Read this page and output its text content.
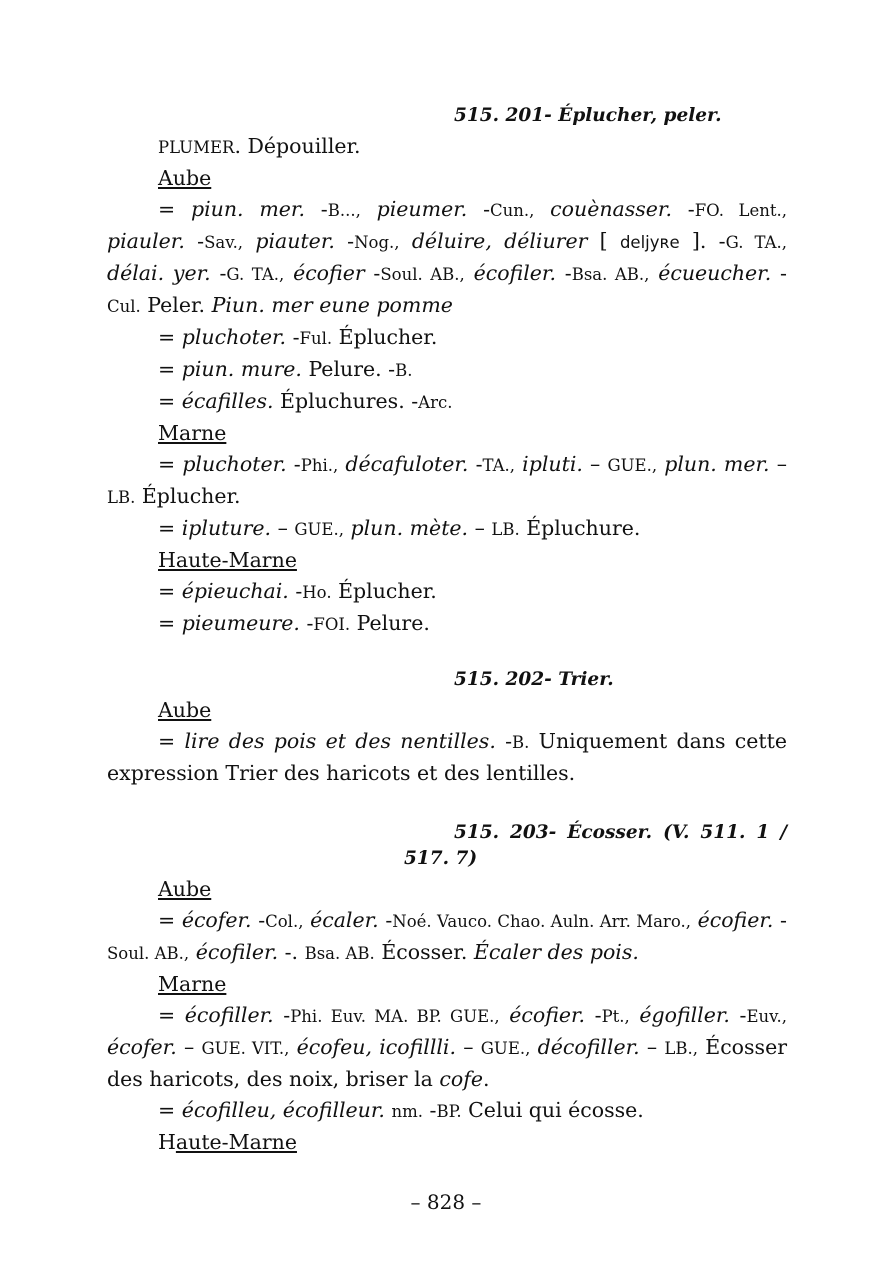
515. 201- Éplucher, peler.

PLUMER. Dépouiller.

Aube

= piun. mer. -B..., pieumer. -Cun., couènasser. -FO. Lent., piauler. -Sav., piauter. -Nog., déluire, déliurer [ deljyʀe ]. -G. TA., délai. yer. -G. TA., écofier -Soul. AB., écofiler. -Bsa. AB., écueucher. -Cul. Peler. Piun. mer eune pomme

= pluchoter. -Ful. Éplucher.

= piun. mure. Pelure. -B.

= écafilles. Épluchures. -Arc.

Marne

= pluchoter. -Phi., décafuloter. -TA., ipluti. – GUE., plun. mer. – LB. Éplucher.

= ipluture. – GUE., plun. mète. – LB. Épluchure.

Haute-Marne

= épieuchai. -Ho. Éplucher.

= pieumeure. -FOI. Pelure.

515. 202- Trier.

Aube

= lire des pois et des nentilles. -B. Uniquement dans cette expression Trier des haricots et des lentilles.

515. 203- Écosser. (V. 511. 1 / 517. 7)

Aube

= écofer. -Col., écaler. -Noé. Vauco. Chao. Auln. Arr. Maro., écofier. -Soul. AB., écofiler. -. Bsa. AB. Écosser. Écaler des pois.

Marne

= écofiller. -Phi. Euv. MA. BP. GUE., écofier. -Pt., égofiller. -Euv., écofer. – GUE. VIT., écofeu, icofillli. – GUE., décofiller. – LB., Écosser des haricots, des noix, briser la cofe.

= écofilleu, écofilleur. nm. -BP. Celui qui écosse.

Haute-Marne

– 828 –
